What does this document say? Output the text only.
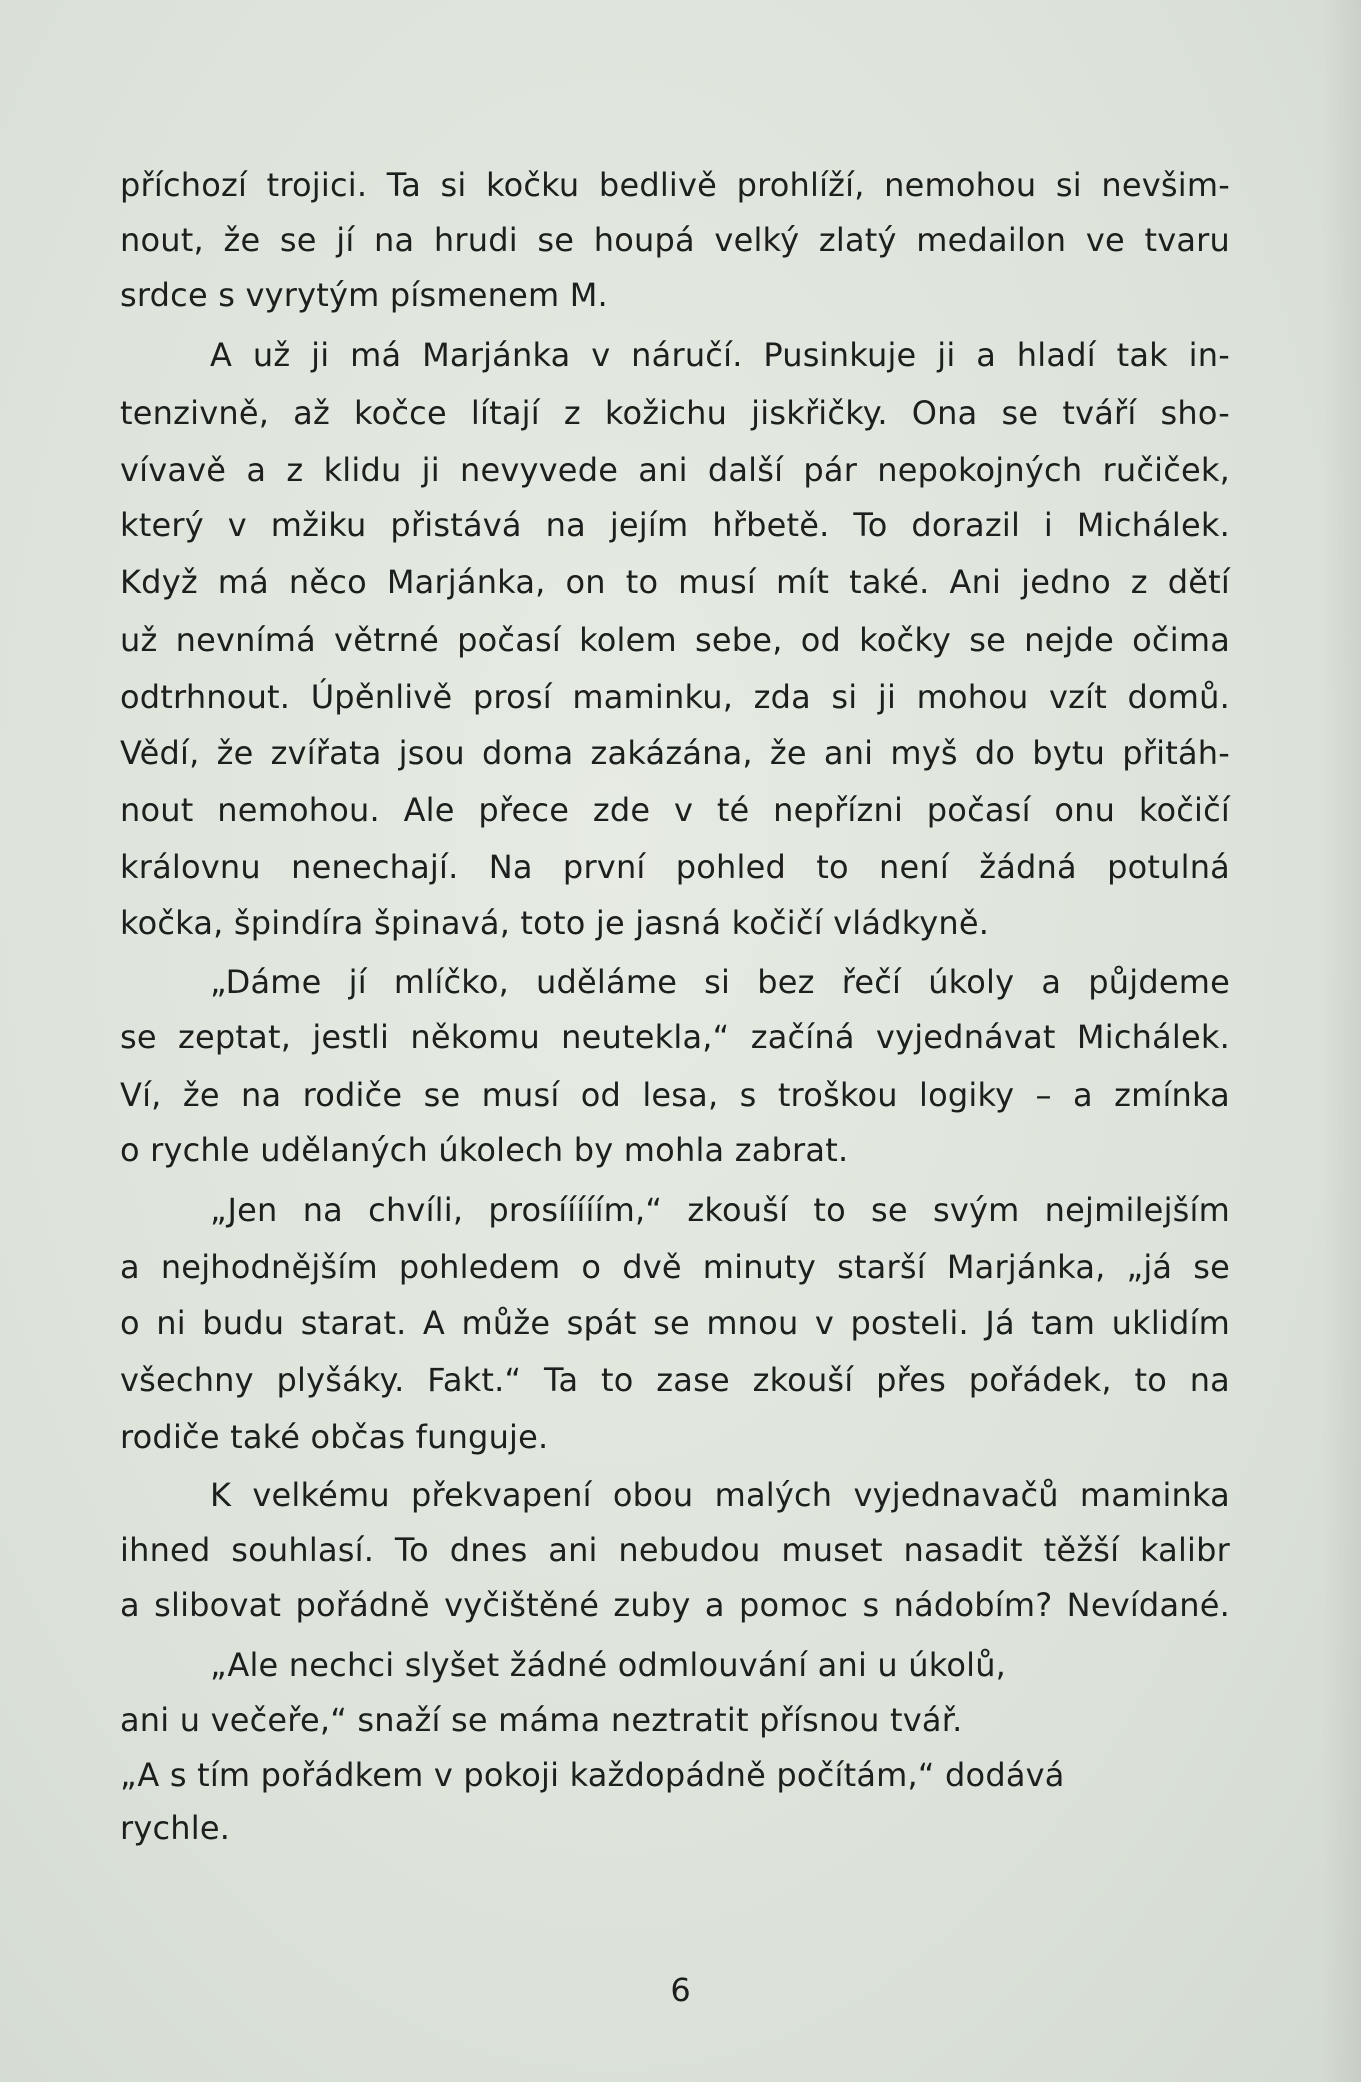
příchozí trojici. Ta si kočku bedlivě prohlíží, nemohou si nevšim-
nout, že se jí na hrudi se houpá velký zlatý medailon ve tvaru
srdce s vyrytým písmenem M.
A už ji má Marjánka v náručí. Pusinkuje ji a hladí tak in-
tenzivně, až kočce lítají z kožichu jiskřičky. Ona se tváří sho-
vívavě a z klidu ji nevyvede ani další pár nepokojných ručiček,
který v mžiku přistává na jejím hřbetě. To dorazil i Michálek.
Když má něco Marjánka, on to musí mít také. Ani jedno z dětí
už nevnímá větrné počasí kolem sebe, od kočky se nejde očima
odtrhnout. Úpěnlivě prosí maminku, zda si ji mohou vzít domů.
Vědí, že zvířata jsou doma zakázána, že ani myš do bytu přitáh-
nout nemohou. Ale přece zde v té nepřízni počasí onu kočičí
královnu nenechají. Na první pohled to není žádná potulná
kočka, špindíra špinavá, toto je jasná kočičí vládkyně.
„Dáme jí mlíčko, uděláme si bez řečí úkoly a půjdeme
se zeptat, jestli někomu neutekla,“ začíná vyjednávat Michálek.
Ví, že na rodiče se musí od lesa, s troškou logiky – a zmínka
o rychle udělaných úkolech by mohla zabrat.
„Jen na chvíli, prosííííím,“ zkouší to se svým nejmilejším
a nejhodnějším pohledem o dvě minuty starší Marjánka, „já se
o ni budu starat. A může spát se mnou v posteli. Já tam uklidím
všechny plyšáky. Fakt.“ Ta to zase zkouší přes pořádek, to na
rodiče také občas funguje.
K velkému překvapení obou malých vyjednavačů maminka
ihned souhlasí. To dnes ani nebudou muset nasadit těžší kalibr
a slibovat pořádně vyčištěné zuby a pomoc s nádobím? Nevídané.
„Ale nechci slyšet žádné odmlouvání ani u úkolů,
ani u večeře,“ snaží se máma neztratit přísnou tvář.
„A s tím pořádkem v pokoji každopádně počítám,“ dodává
rychle.
6
